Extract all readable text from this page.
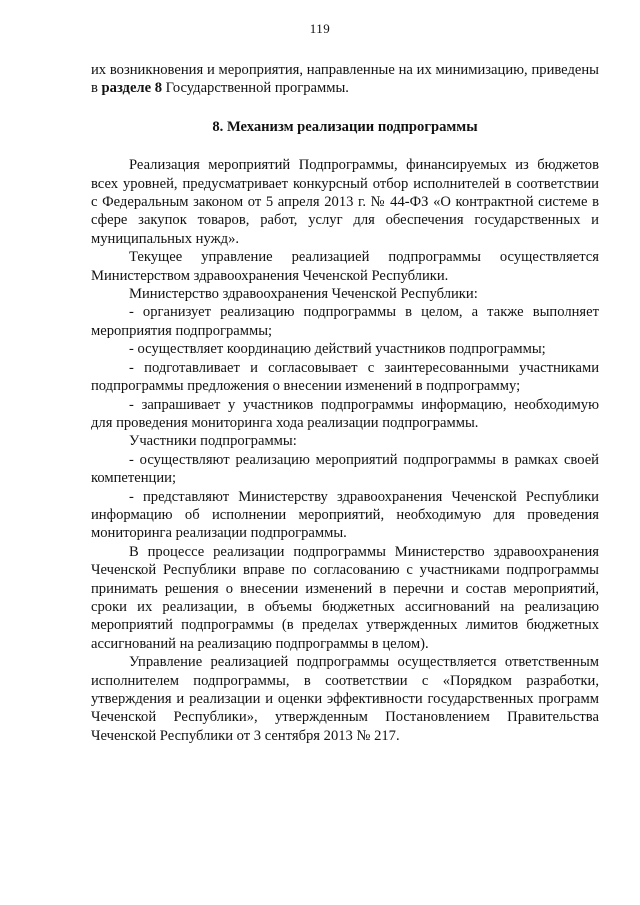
119

их возникновения и мероприятия, направленные на их минимизацию, приведены в разделе 8 Государственной программы.

8. Механизм реализации подпрограммы

Реализация мероприятий Подпрограммы, финансируемых из бюджетов всех уровней, предусматривает конкурсный отбор исполнителей в соответствии с Федеральным законом от 5 апреля 2013 г. № 44-ФЗ «О контрактной системе в сфере закупок товаров, работ, услуг для обеспечения государственных и муниципальных нужд».

Текущее управление реализацией подпрограммы осуществляется Министерством здравоохранения Чеченской Республики.

Министерство здравоохранения Чеченской Республики:

- организует реализацию подпрограммы в целом, а также выполняет мероприятия подпрограммы;

- осуществляет координацию действий участников подпрограммы;

- подготавливает и согласовывает с заинтересованными участниками подпрограммы предложения о внесении изменений в подпрограмму;

- запрашивает у участников подпрограммы информацию, необходимую для проведения мониторинга хода реализации подпрограммы.

Участники подпрограммы:

- осуществляют реализацию мероприятий подпрограммы в рамках своей компетенции;

- представляют Министерству здравоохранения Чеченской Республики информацию об исполнении мероприятий, необходимую для проведения мониторинга реализации подпрограммы.

В процессе реализации подпрограммы Министерство здравоохранения Чеченской Республики вправе по согласованию с участниками подпрограммы принимать решения о внесении изменений в перечни и состав мероприятий, сроки их реализации, в объемы бюджетных ассигнований на реализацию мероприятий подпрограммы (в пределах утвержденных лимитов бюджетных ассигнований на реализацию подпрограммы в целом).

Управление реализацией подпрограммы осуществляется ответственным исполнителем подпрограммы, в соответствии с «Порядком разработки, утверждения и реализации и оценки эффективности государственных программ Чеченской Республики», утвержденным Постановлением Правительства Чеченской Республики от 3 сентября 2013 № 217.
